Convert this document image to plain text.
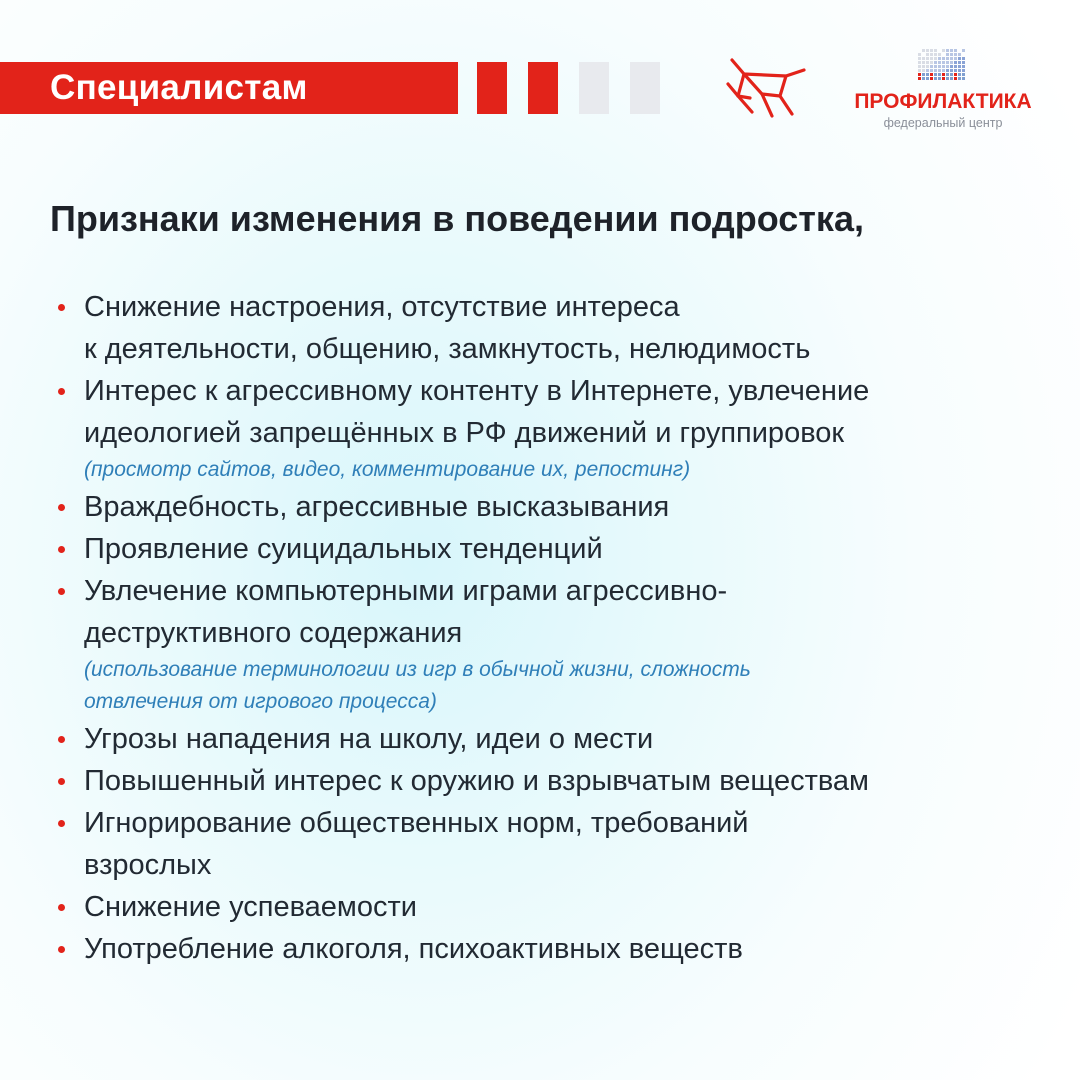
Специалистам	ПРОФИЛАКТИКА
федеральный центр
Признаки изменения в поведении подростка,
Снижение настроения, отсутствие интереса
к деятельности, общению, замкнутость, нелюдимость
Интерес к агрессивному контенту в Интернете, увлечение
идеологией запрещённых в РФ движений и группировок
(просмотр сайтов, видео, комментирование их, репостинг)
Враждебность, агрессивные высказывания
Проявление суицидальных тенденций
Увлечение компьютерными играми агрессивно-
деструктивного содержания
(использование терминологии из игр в обычной жизни, сложность
отвлечения от игрового процесса)
Угрозы нападения на школу, идеи о мести
Повышенный интерес к оружию и взрывчатым веществам
Игнорирование общественных норм, требований
взрослых
Снижение успеваемости
Употребление алкоголя, психоактивных веществ
